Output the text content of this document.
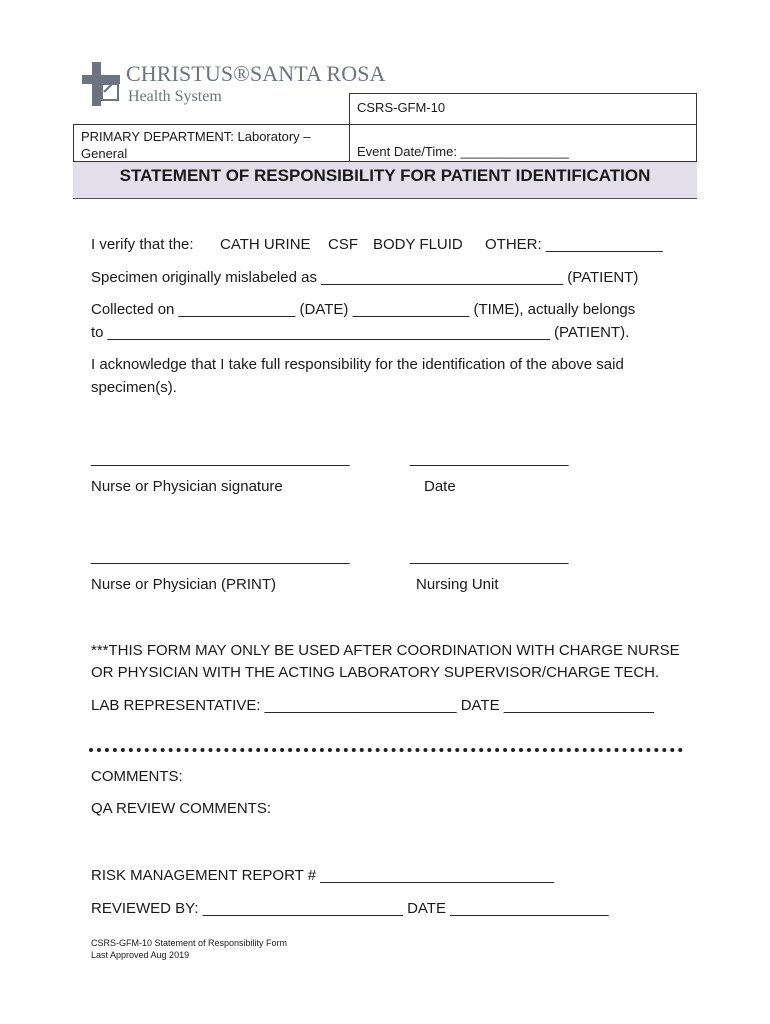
CHRISTUS®SANTA ROSA
Health System
CSRS-GFM-10
PRIMARY DEPARTMENT: Laboratory – General	Event Date/Time: _______________
STATEMENT OF RESPONSIBILITY FOR PATIENT IDENTIFICATION
I verify that the: CATH URINE CSF BODY FLUID OTHER: ______________
Specimen originally mislabeled as _____________________________ (PATIENT)
Collected on ______________ (DATE) ______________ (TIME), actually belongs
to _____________________________________________________ (PATIENT).
I acknowledge that I take full responsibility for the identification of the above said
specimen(s).
_______________________________	___________________
Nurse or Physician signature	Date
_______________________________	___________________
Nurse or Physician (PRINT)	Nursing Unit
***THIS FORM MAY ONLY BE USED AFTER COORDINATION WITH CHARGE NURSE
OR PHYSICIAN WITH THE ACTING LABORATORY SUPERVISOR/CHARGE TECH.
LAB REPRESENTATIVE: _______________________ DATE __________________
COMMENTS:
QA REVIEW COMMENTS:
RISK MANAGEMENT REPORT # ____________________________
REVIEWED BY: ________________________ DATE ___________________
CSRS-GFM-10 Statement of Responsibility Form
Last Approved Aug 2019
